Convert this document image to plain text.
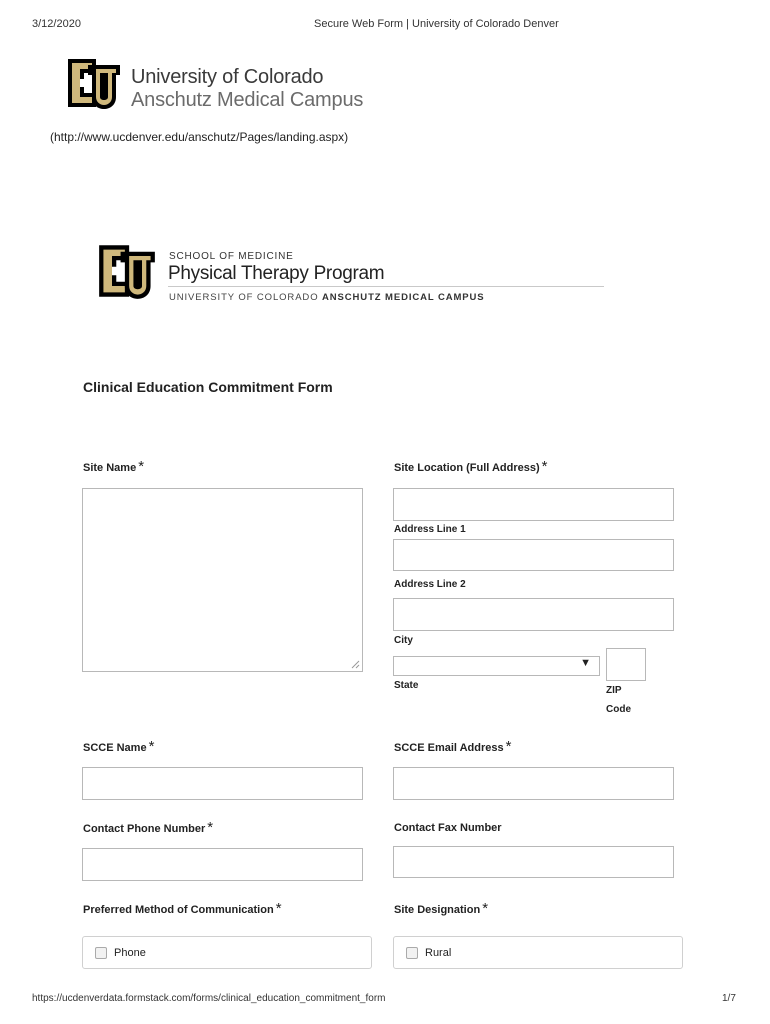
3/12/2020	Secure Web Form | University of Colorado Denver
University of Colorado
Anschutz Medical Campus
(http://www.ucdenver.edu/anschutz/Pages/landing.aspx)
SCHOOL OF MEDICINE
Physical Therapy Program
UNIVERSITY OF COLORADO ANSCHUTZ MEDICAL CAMPUS
Clinical Education Commitment Form
Site Name *	Site Location (Full Address) *
Address Line 1
Address Line 2
City
▼
State	ZIP
Code
SCCE Name *	SCCE Email Address *
Contact Phone Number *	Contact Fax Number
Preferred Method of Communication *	Site Designation *
Phone	Rural
https://ucdenverdata.formstack.com/forms/clinical_education_commitment_form	1/7
